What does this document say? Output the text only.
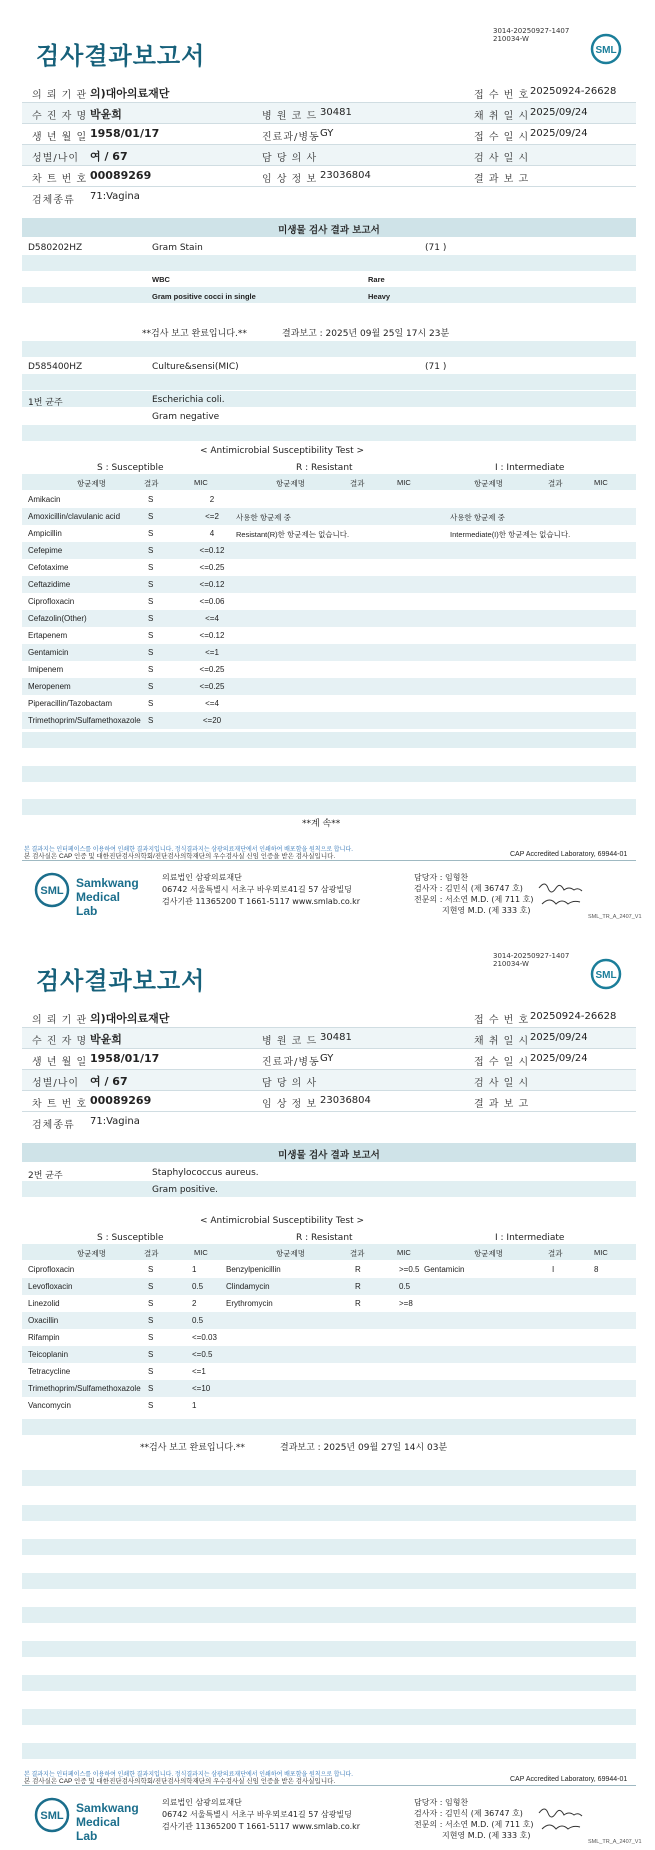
검사결과보고서
3014-20250927-1407
210034-W
SML
의 뢰 기 관 의)대아의료재단	접 수 번 호 20250924-26628
수 진 자 명 박윤희	병 원 코 드 30481	채 취 일 시 2025/09/24
생 년 월 일 1958/01/17	진료과/병동 GY	접 수 일 시 2025/09/24
성별/나이 여 / 67	담 당 의 사	검 사 일 시
차 트 번 호 00089269	임 상 정 보 23036804	결 과 보 고
검체종류 71:Vagina
미생물 검사 결과 보고서
D580202HZ	Gram Stain	(71 )
WBC	Rare
Gram positive cocci in single	Heavy
**검사 보고 완료입니다.**	결과보고 : 2025년 09월 25일 17시 23분
D585400HZ	Culture&sensi(MIC)	(71 )
1번 균주	Escherichia coli.
Gram negative
< Antimicrobial Susceptibility Test >
S : Susceptible	R : Resistant	I : Intermediate
항균제명	결과	MIC	항균제명	결과	MIC	항균제명	결과	MIC
Amikacin	S	2
Amoxicillin/clavulanic acid	S	<=2
Ampicillin	S	4
Cefepime	S	<=0.12
Cefotaxime	S	<=0.25
Ceftazidime	S	<=0.12
Ciprofloxacin	S	<=0.06
Cefazolin(Other)	S	<=4
Ertapenem	S	<=0.12
Gentamicin	S	<=1
Imipenem	S	<=0.25
Meropenem	S	<=0.25
Piperacillin/Tazobactam	S	<=4
Trimethoprim/Sulfamethoxazole S	<=20
사용한 항균제 중
Resistant(R)한 항균제는 없습니다.
사용한 항균제 중
Intermediate(I)한 항균제는 없습니다.
**계 속**
본 결과지는 인터페이스를 이용하여 인쇄한 결과지입니다. 정식결과지는 삼광의료재단에서 인쇄하여 배포함을 원칙으로 합니다.
본 검사실은 CAP 인증 및 대한진단검사의학회/진단검사의학재단의 우수검사실 신임 인증을 받은 검사실입니다.	CAP Accredited Laboratory, 69944-01
SML
Samkwang
Medical Lab
의료법인 삼광의료재단
06742 서울특별시 서초구 바우뫼로41길 57 삼광빌딩
검사기관 11365200 T 1661-5117 www.smlab.co.kr
담당자 : 임형찬
검사자 : 김민식 (제 36747 호)
전문의 : 서소연 M.D. (제 711 호)
지현영 M.D. (제 333 호)
SML_TR_A_2407_V1
검사결과보고서
3014-20250927-1407
210034-W
SML
의 뢰 기 관 의)대아의료재단	접 수 번 호 20250924-26628
수 진 자 명 박윤희	병 원 코 드 30481	채 취 일 시 2025/09/24
생 년 월 일 1958/01/17	진료과/병동 GY	접 수 일 시 2025/09/24
성별/나이 여 / 67	담 당 의 사	검 사 일 시
차 트 번 호 00089269	임 상 정 보 23036804	결 과 보 고
검체종류 71:Vagina
미생물 검사 결과 보고서
2번 균주	Staphylococcus aureus.
Gram positive.
< Antimicrobial Susceptibility Test >
S : Susceptible	R : Resistant	I : Intermediate
항균제명	결과	MIC	항균제명	결과	MIC	항균제명	결과	MIC
Ciprofloxacin	S	1	Benzylpenicillin	R	>=0.5 Gentamicin	I	8
Levofloxacin	S	0.5	Clindamycin	R	0.5
Linezolid	S	2	Erythromycin	R	>=8
Oxacillin	S	0.5
Rifampin	S	<=0.03
Teicoplanin	S	<=0.5
Tetracycline	S	<=1
Trimethoprim/Sulfamethoxazole S	<=10
Vancomycin	S	1
**검사 보고 완료입니다.**	결과보고 : 2025년 09월 27일 14시 03분
본 결과지는 인터페이스를 이용하여 인쇄한 결과지입니다. 정식결과지는 삼광의료재단에서 인쇄하여 배포함을 원칙으로 합니다.
본 검사실은 CAP 인증 및 대한진단검사의학회/진단검사의학재단의 우수검사실 신임 인증을 받은 검사실입니다.	CAP Accredited Laboratory, 69944-01
SML
Samkwang
Medical Lab
의료법인 삼광의료재단
06742 서울특별시 서초구 바우뫼로41길 57 삼광빌딩
검사기관 11365200 T 1661-5117 www.smlab.co.kr
담당자 : 임형찬
검사자 : 김민식 (제 36747 호)
전문의 : 서소연 M.D. (제 711 호)
지현영 M.D. (제 333 호)
SML_TR_A_2407_V1
